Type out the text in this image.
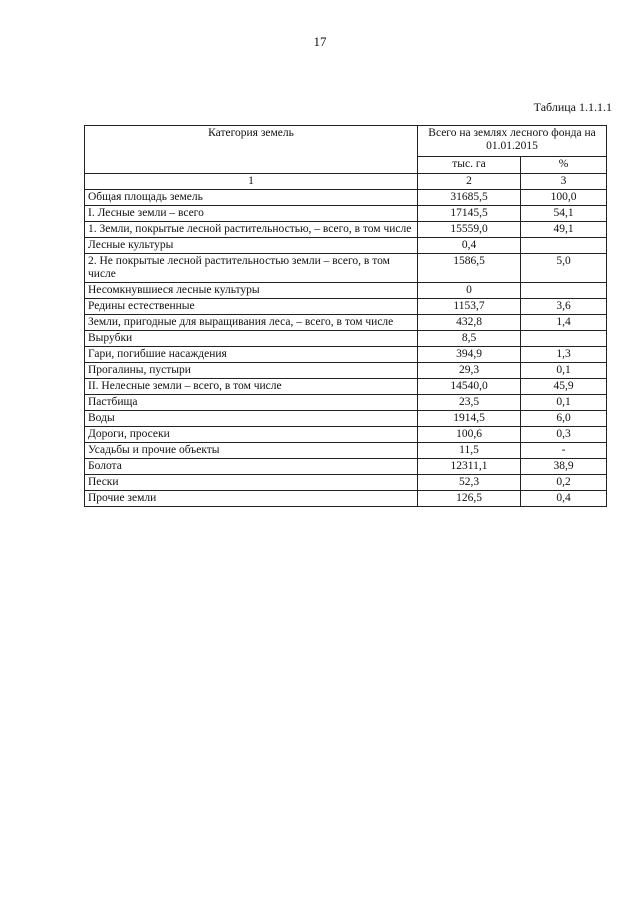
17
Таблица 1.1.1.1
Категория земель	Всего на землях лесного фонда на 01.01.2015	
	тыс. га	%
1	2	3
Общая площадь земель	31685,5	100,0
I. Лесные земли – всего	17145,5	54,1
1. Земли, покрытые лесной растительностью, – всего, в том числе	15559,0	49,1
Лесные культуры	0,4	
2. Не покрытые лесной растительностью земли – всего, в том числе	1586,5	5,0
Несомкнувшиеся лесные культуры	0	
Редины естественные	1153,7	3,6
Земли, пригодные для выращивания леса, – всего, в том числе	432,8	1,4
Вырубки	8,5	
Гари, погибшие насаждения	394,9	1,3
Прогалины, пустыри	29,3	0,1
II. Нелесные земли – всего, в том числе	14540,0	45,9
Пастбища	23,5	0,1
Воды	1914,5	6,0
Дороги, просеки	100,6	0,3
Усадьбы и прочие объекты	11,5	-
Болота	12311,1	38,9
Пески	52,3	0,2
Прочие земли	126,5	0,4
